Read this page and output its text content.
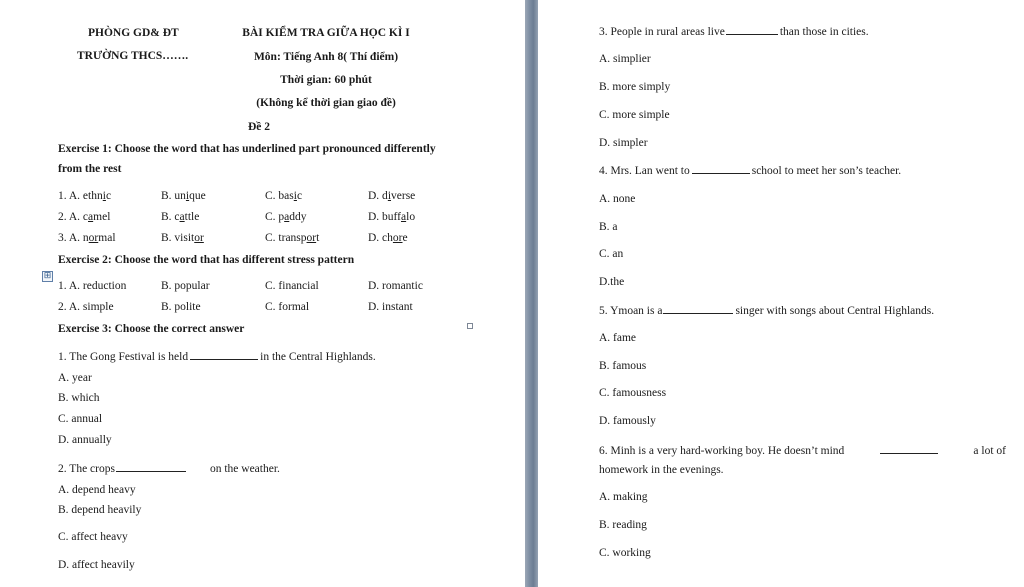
PHÒNG GD& ĐT
TRƯỜNG THCS…….
BÀI KIỂM TRA GIỮA HỌC KÌ I
Môn: Tiếng Anh 8( Thí điểm)
Thời gian: 60 phút
(Không kể thời gian giao đề)
Đề 2
Exercise 1: Choose the word that has underlined part pronounced differently
from the rest
1. A. ethnic	B. unique	C. basic	D. diverse
2. A. camel	B. cattle	C. paddy	D. buffalo
3. A. normal	B. visitor	C. transport	D. chore
Exercise 2: Choose the word that has different stress pattern
⊞
1. A. reduction	B. popular	C. financial	D. romantic
2. A. simple	B. polite	C. formal	D. instant
Exercise 3: Choose the correct answer
1. The Gong Festival is held	in the Central Highlands.
A. year
B. which
C. annual
D. annually
2. The crops	on the weather.
A. depend heavy
B. depend heavily
C. affect heavy
D. affect heavily
3. People in rural areas live	than those in cities.
A. simplier
B. more simply
C. more simple
D. simpler
4. Mrs. Lan went to	school to meet her son’s teacher.
A. none
B. a
C. an
D.the
5. Ymoan is a	singer with songs about Central Highlands.
A. fame
B. famous
C. famousness
D. famously
6. Minh is a very hard-working boy. He doesn’t mind	a lot of
homework in the evenings.
A. making
B. reading
C. working
